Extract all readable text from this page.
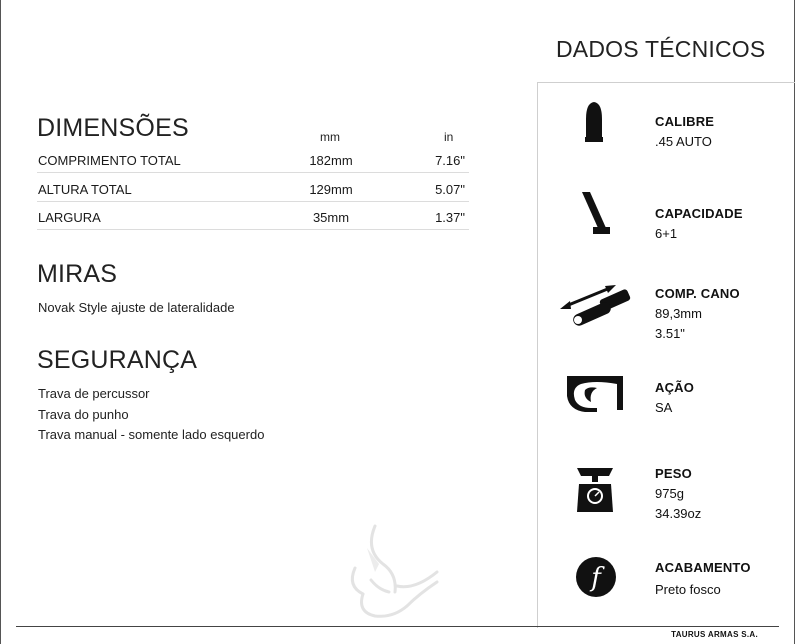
DADOS TÉCNICOS
CALIBRE
.45 AUTO
CAPACIDADE
6+1
COMP. CANO
89,3mm
3.51"
AÇÃO
SA
PESO
975g
34.39oz
f	ACABAMENTO
Preto fosco
DIMENSÕES	mm	in
COMPRIMENTO TOTAL	182mm	7.16"
ALTURA TOTAL	129mm	5.07"
LARGURA	35mm	1.37"
MIRAS
Novak Style ajuste de lateralidade
SEGURANÇA
Trava de percussor
Trava do punho
Trava manual - somente lado esquerdo
TAURUS ARMAS S.A.
